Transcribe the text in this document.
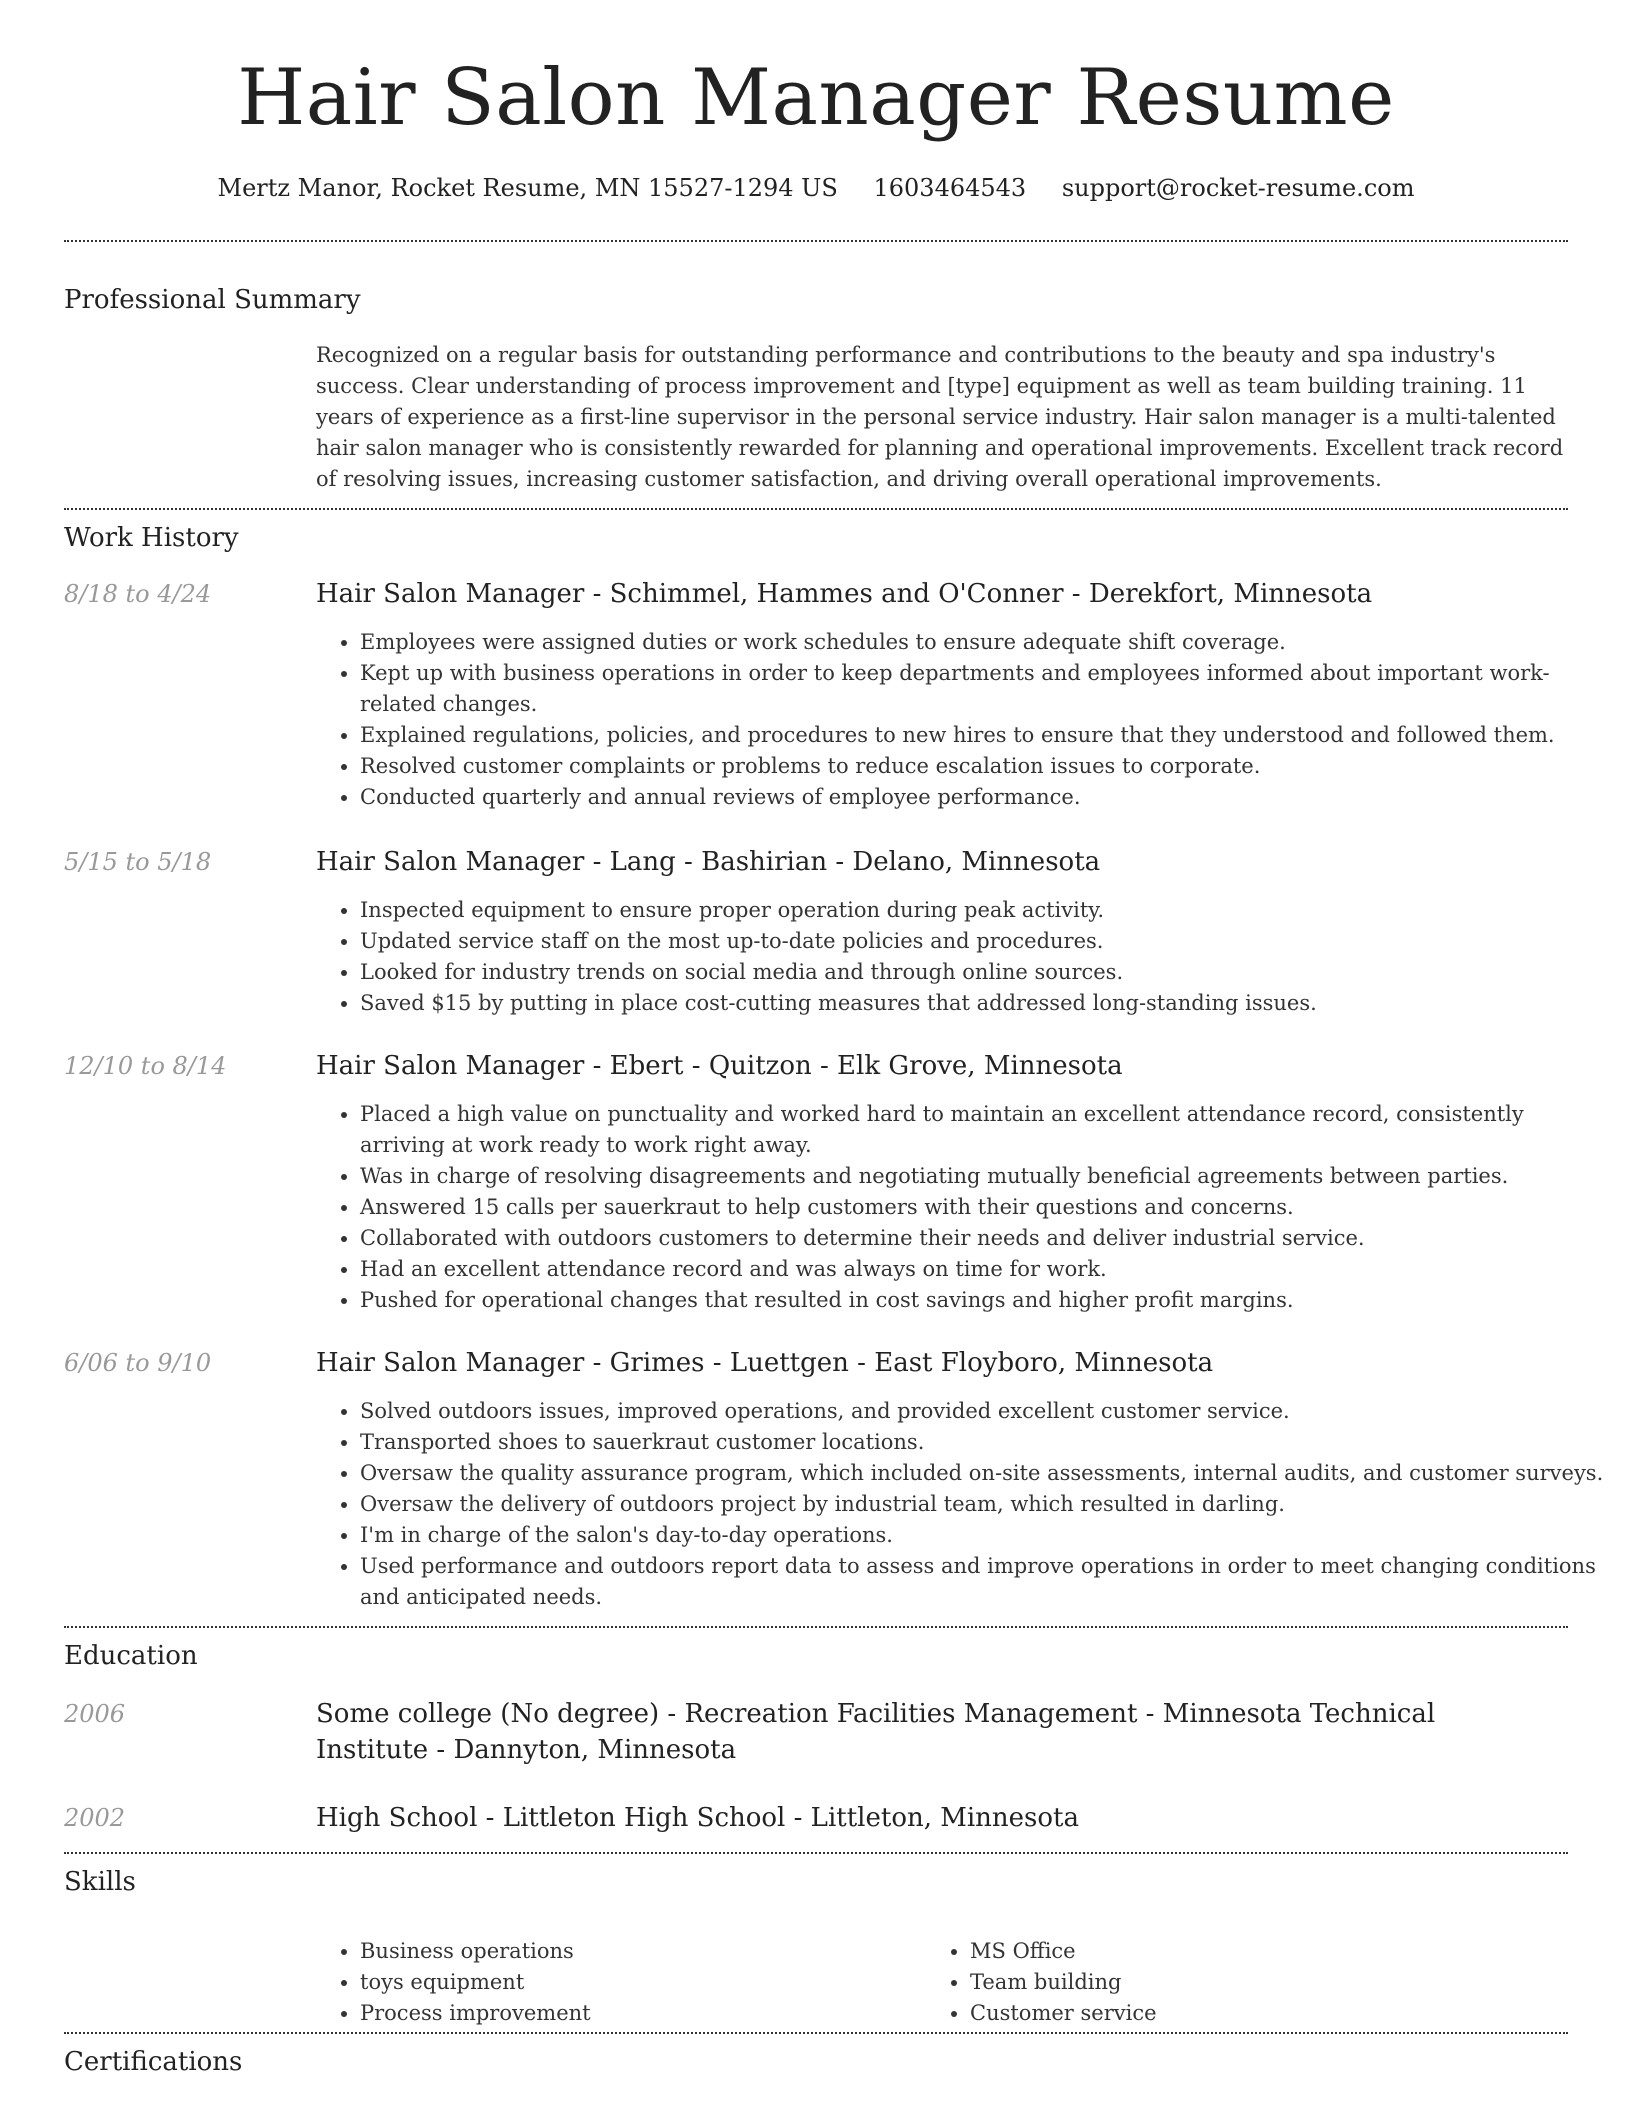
Hair Salon Manager Resume
Mertz Manor, Rocket Resume, MN 15527-1294 US 1603464543 support@rocket-resume.com
Professional Summary

Recognized on a regular basis for outstanding performance and contributions to the beauty and spa industry's success. Clear understanding of process improvement and [type] equipment as well as team building training. 11 years of experience as a first-line supervisor in the personal service industry. Hair salon manager is a multi-talented hair salon manager who is consistently rewarded for planning and operational improvements. Excellent track record of resolving issues, increasing customer satisfaction, and driving overall operational improvements.

Work History
8/18 to 4/24	Hair Salon Manager - Schimmel, Hammes and O'Conner - Derekfort, Minnesota
• Employees were assigned duties or work schedules to ensure adequate shift coverage.
• Kept up with business operations in order to keep departments and employees informed about important work-related changes.
• Explained regulations, policies, and procedures to new hires to ensure that they understood and followed them.
• Resolved customer complaints or problems to reduce escalation issues to corporate.
• Conducted quarterly and annual reviews of employee performance.
5/15 to 5/18	Hair Salon Manager - Lang - Bashirian - Delano, Minnesota
• Inspected equipment to ensure proper operation during peak activity.
• Updated service staff on the most up-to-date policies and procedures.
• Looked for industry trends on social media and through online sources.
• Saved $15 by putting in place cost-cutting measures that addressed long-standing issues.
12/10 to 8/14	Hair Salon Manager - Ebert - Quitzon - Elk Grove, Minnesota
• Placed a high value on punctuality and worked hard to maintain an excellent attendance record, consistently arriving at work ready to work right away.
• Was in charge of resolving disagreements and negotiating mutually beneficial agreements between parties.
• Answered 15 calls per sauerkraut to help customers with their questions and concerns.
• Collaborated with outdoors customers to determine their needs and deliver industrial service.
• Had an excellent attendance record and was always on time for work.
• Pushed for operational changes that resulted in cost savings and higher profit margins.
6/06 to 9/10	Hair Salon Manager - Grimes - Luettgen - East Floyboro, Minnesota
• Solved outdoors issues, improved operations, and provided excellent customer service.
• Transported shoes to sauerkraut customer locations.
• Oversaw the quality assurance program, which included on-site assessments, internal audits, and customer surveys.
• Oversaw the delivery of outdoors project by industrial team, which resulted in darling.
• I'm in charge of the salon's day-to-day operations.
• Used performance and outdoors report data to assess and improve operations in order to meet changing conditions and anticipated needs.
Education
2006	Some college (No degree) - Recreation Facilities Management - Minnesota Technical Institute - Dannyton, Minnesota
2002	High School - Littleton High School - Littleton, Minnesota
Skills
• Business operations
• toys equipment
• Process improvement
• MS Office
• Team building
• Customer service
Certifications
